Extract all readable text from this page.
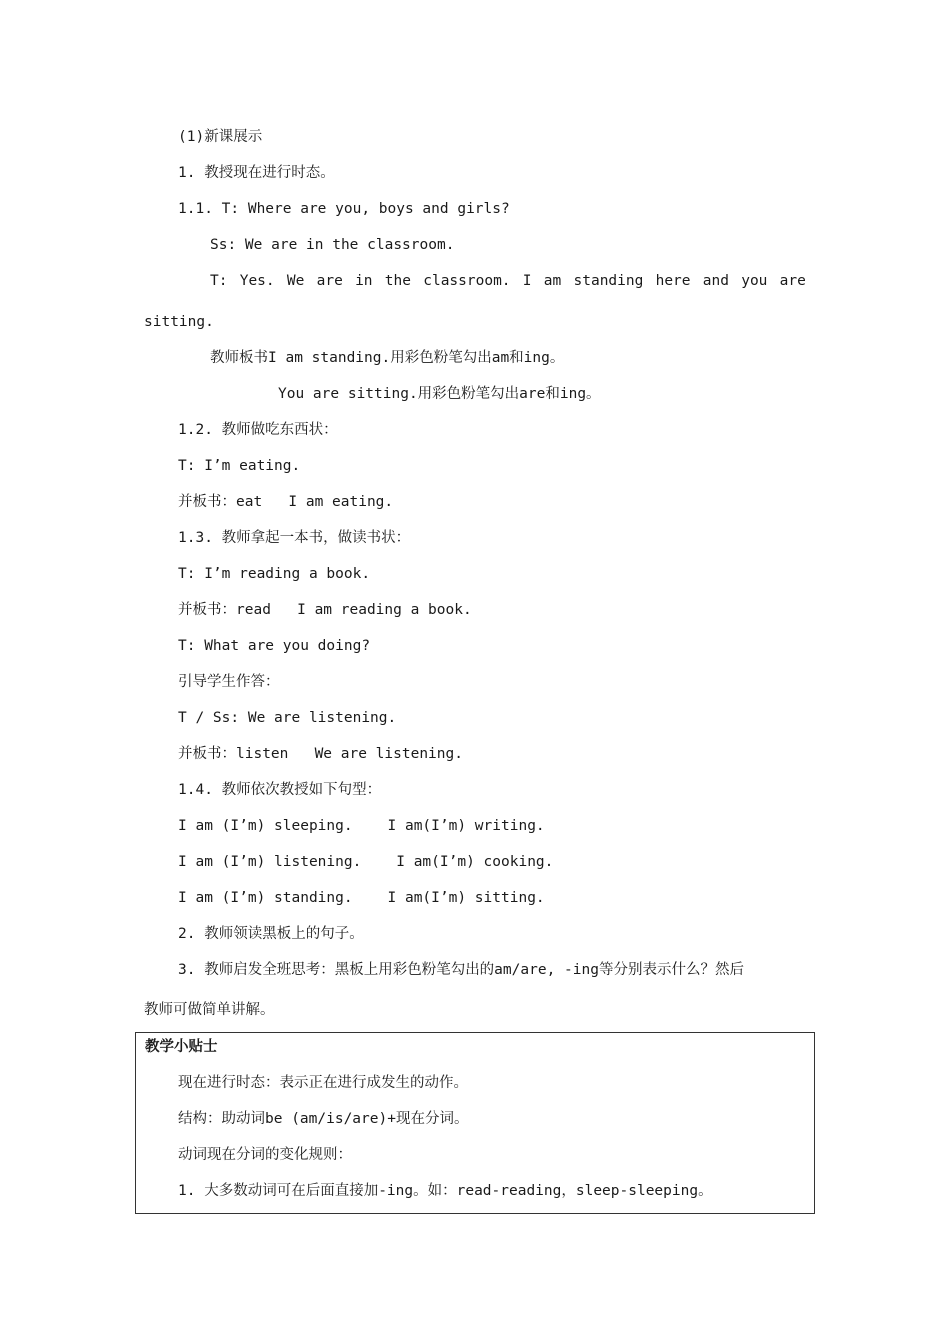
(1)新课展示
1. 教授现在进行时态。
1.1. T: Where are you, boys and girls?
Ss: We are in the classroom.
T: Yes. We are in the classroom. I am standing here and you are
sitting.
教师板书I am standing.用彩色粉笔勾出am和ing。
You are sitting.用彩色粉笔勾出are和ing。
1.2. 教师做吃东西状：
T: I’m eating.
并板书：eat   I am eating.
1.3. 教师拿起一本书，做读书状：
T: I’m reading a book.
并板书：read   I am reading a book.
T: What are you doing?
引导学生作答：
T / Ss: We are listening.
并板书：listen   We are listening.
1.4. 教师依次教授如下句型：
I am (I’m) sleeping.    I am(I’m) writing.
I am (I’m) listening.    I am(I’m) cooking.
I am (I’m) standing.    I am(I’m) sitting.
2. 教师领读黑板上的句子。
3. 教师启发全班思考：黑板上用彩色粉笔勾出的am/are, -ing等分别表示什么？然后
教师可做简单讲解。
教学小贴士
现在进行时态：表示正在进行成发生的动作。
结构：助动词be (am/is/are)+现在分词。
动词现在分词的变化规则：
1. 大多数动词可在后面直接加-ing。如：read-reading，sleep-sleeping。
